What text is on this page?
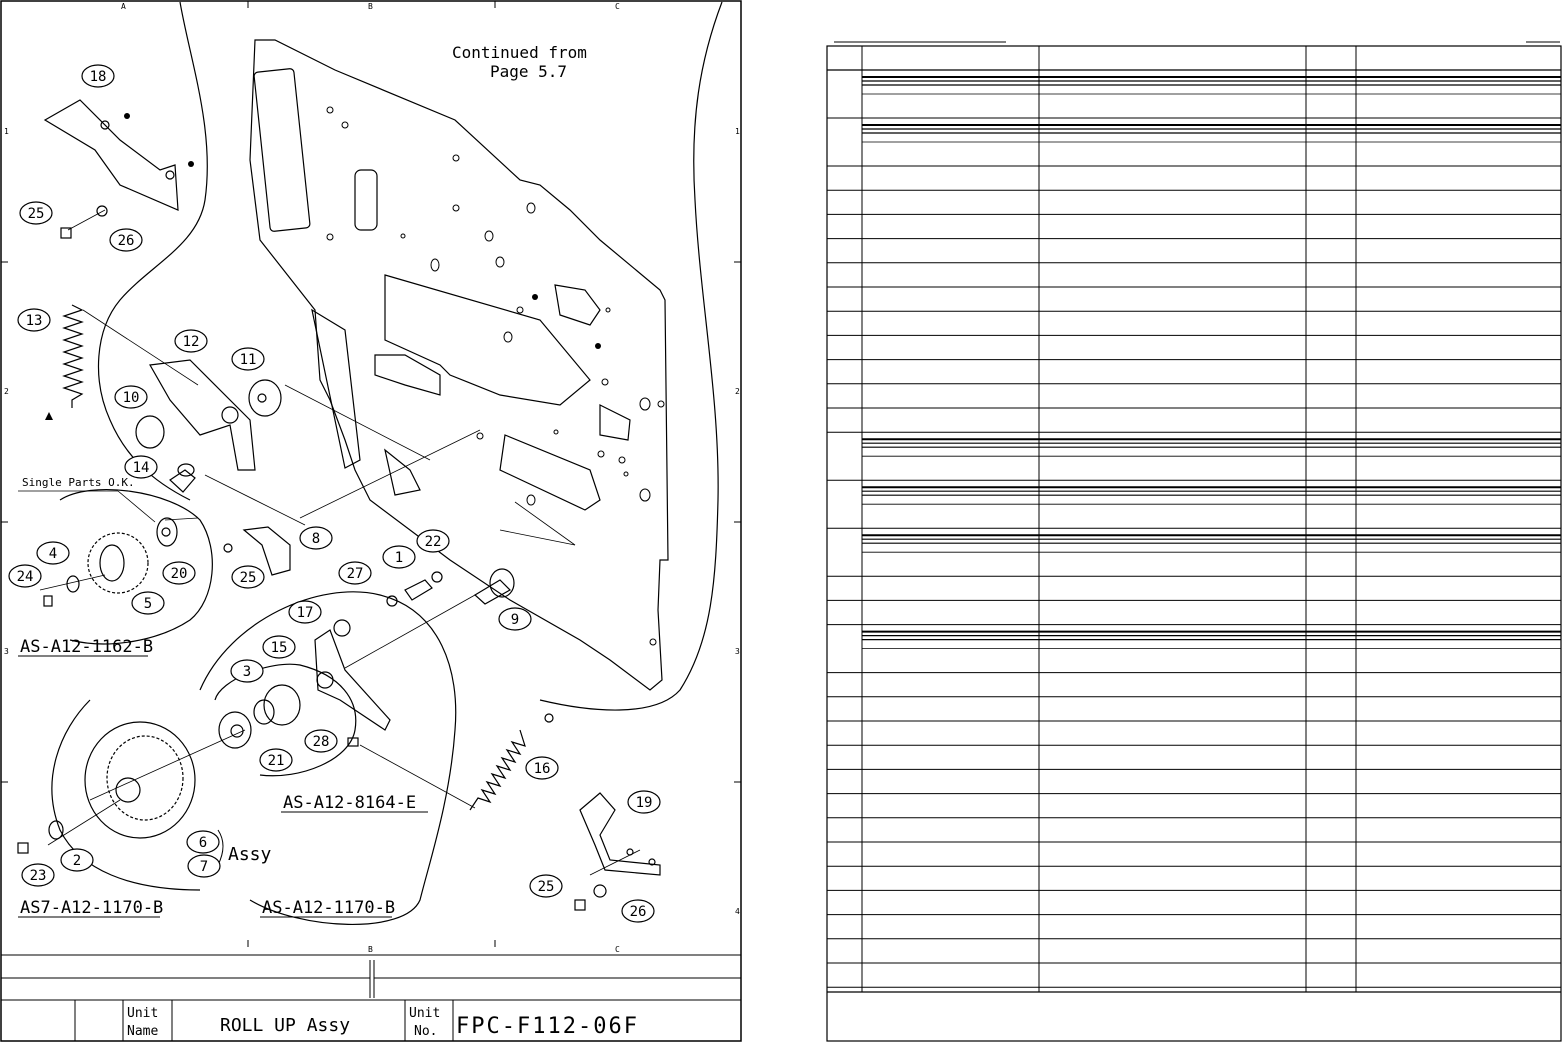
A	B	C
1
2
3
1
2
3
4
B	C
Continued from
Page 5.7
Single Parts O.K.
Assy
18
25
26
13
12
11
10
14
20
4
24
5
8
25	27
1
22
9
17
15
3
21
28
16
6
7
2
23
19
25
26
AS-A12-1162-B
AS-A12-8164-E
AS7-A12-1170-B	AS-A12-1170-B
Unit
Name
Unit
No.
ROLL UP Assy	FPC-F112-06F
